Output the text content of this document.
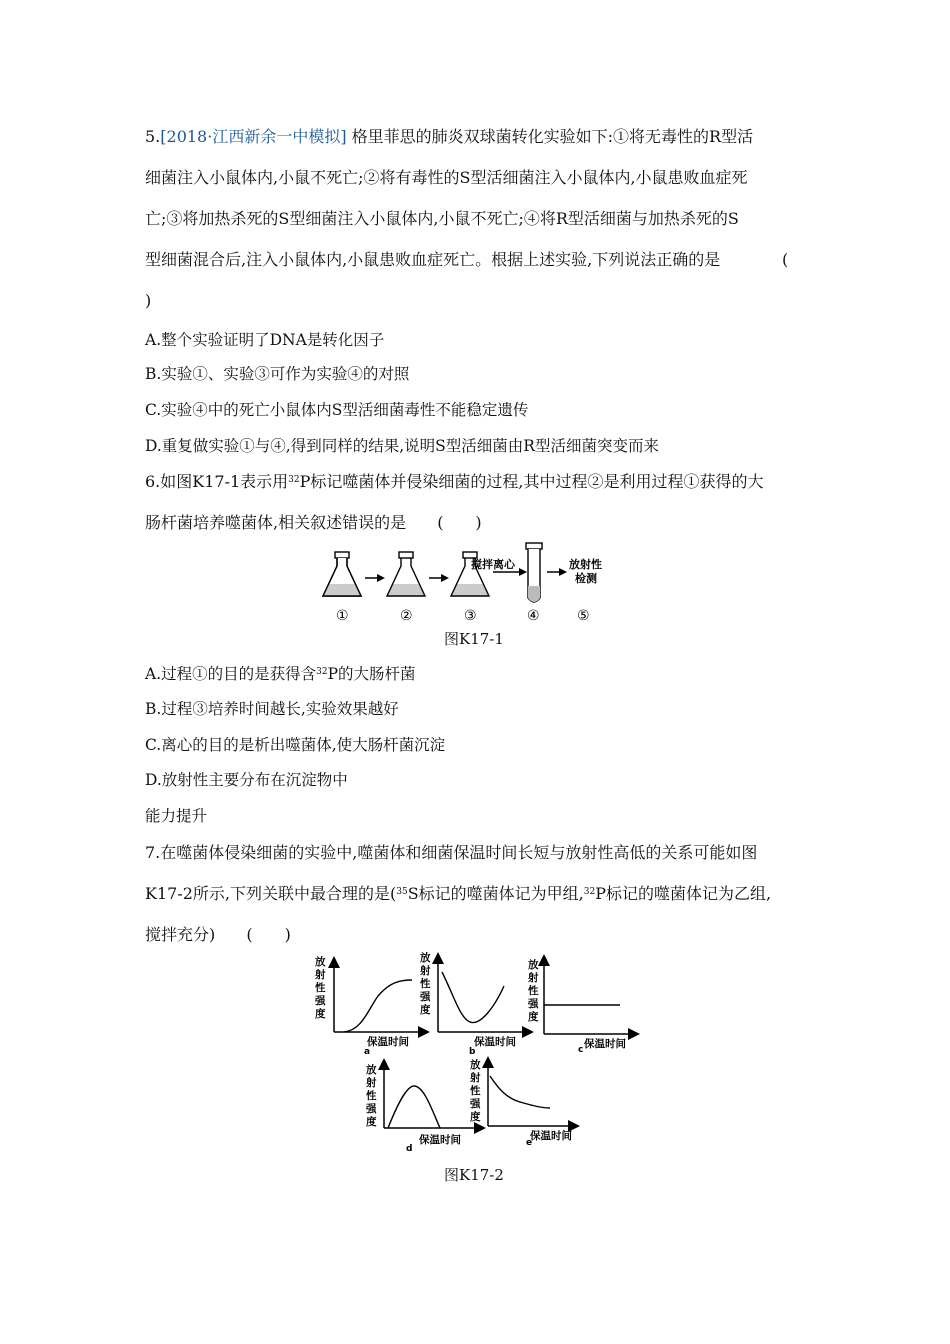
5.[2018·江西新余一中模拟] 格里菲思的肺炎双球菌转化实验如下:①将无毒性的R型活
细菌注入小鼠体内,小鼠不死亡;②将有毒性的S型活细菌注入小鼠体内,小鼠患败血症死
亡;③将加热杀死的S型细菌注入小鼠体内,小鼠不死亡;④将R型活细菌与加热杀死的S
型细菌混合后,注入小鼠体内,小鼠患败血症死亡。根据上述实验,下列说法正确的是	(
)
A.整个实验证明了DNA是转化因子
B.实验①、实验③可作为实验④的对照
C.实验④中的死亡小鼠体内S型活细菌毒性不能稳定遗传
D.重复做实验①与④,得到同样的结果,说明S型活细菌由R型活细菌突变而来
6.如图K17-1表示用$^{32}$P标记噬菌体并侵染细菌的过程,其中过程②是利用过程①获得的大
肠杆菌培养噬菌体,相关叙述错误的是 (　　)
搅拌离心	放射性
检测
①	②	③	④	⑤
图K17-1
A.过程①的目的是获得含$^{32}$P的大肠杆菌
B.过程③培养时间越长,实验效果越好
C.离心的目的是析出噬菌体,使大肠杆菌沉淀
D.放射性主要分布在沉淀物中
能力提升
7.在噬菌体侵染细菌的实验中,噬菌体和细菌保温时间长短与放射性高低的关系可能如图
K17-2所示,下列关联中最合理的是($^{35}$S标记的噬菌体记为甲组,$^{32}$P标记的噬菌体记为乙组,
搅拌充分) (　　)
放
射
性
强
度
保温时间
a
放
射
性
强
度
保温时间
b
放
射
性
强
度
保温时间
c
放
射
性
强
度
保温时间
d
放
射
性
强
度
保温时间
e
图K17-2
